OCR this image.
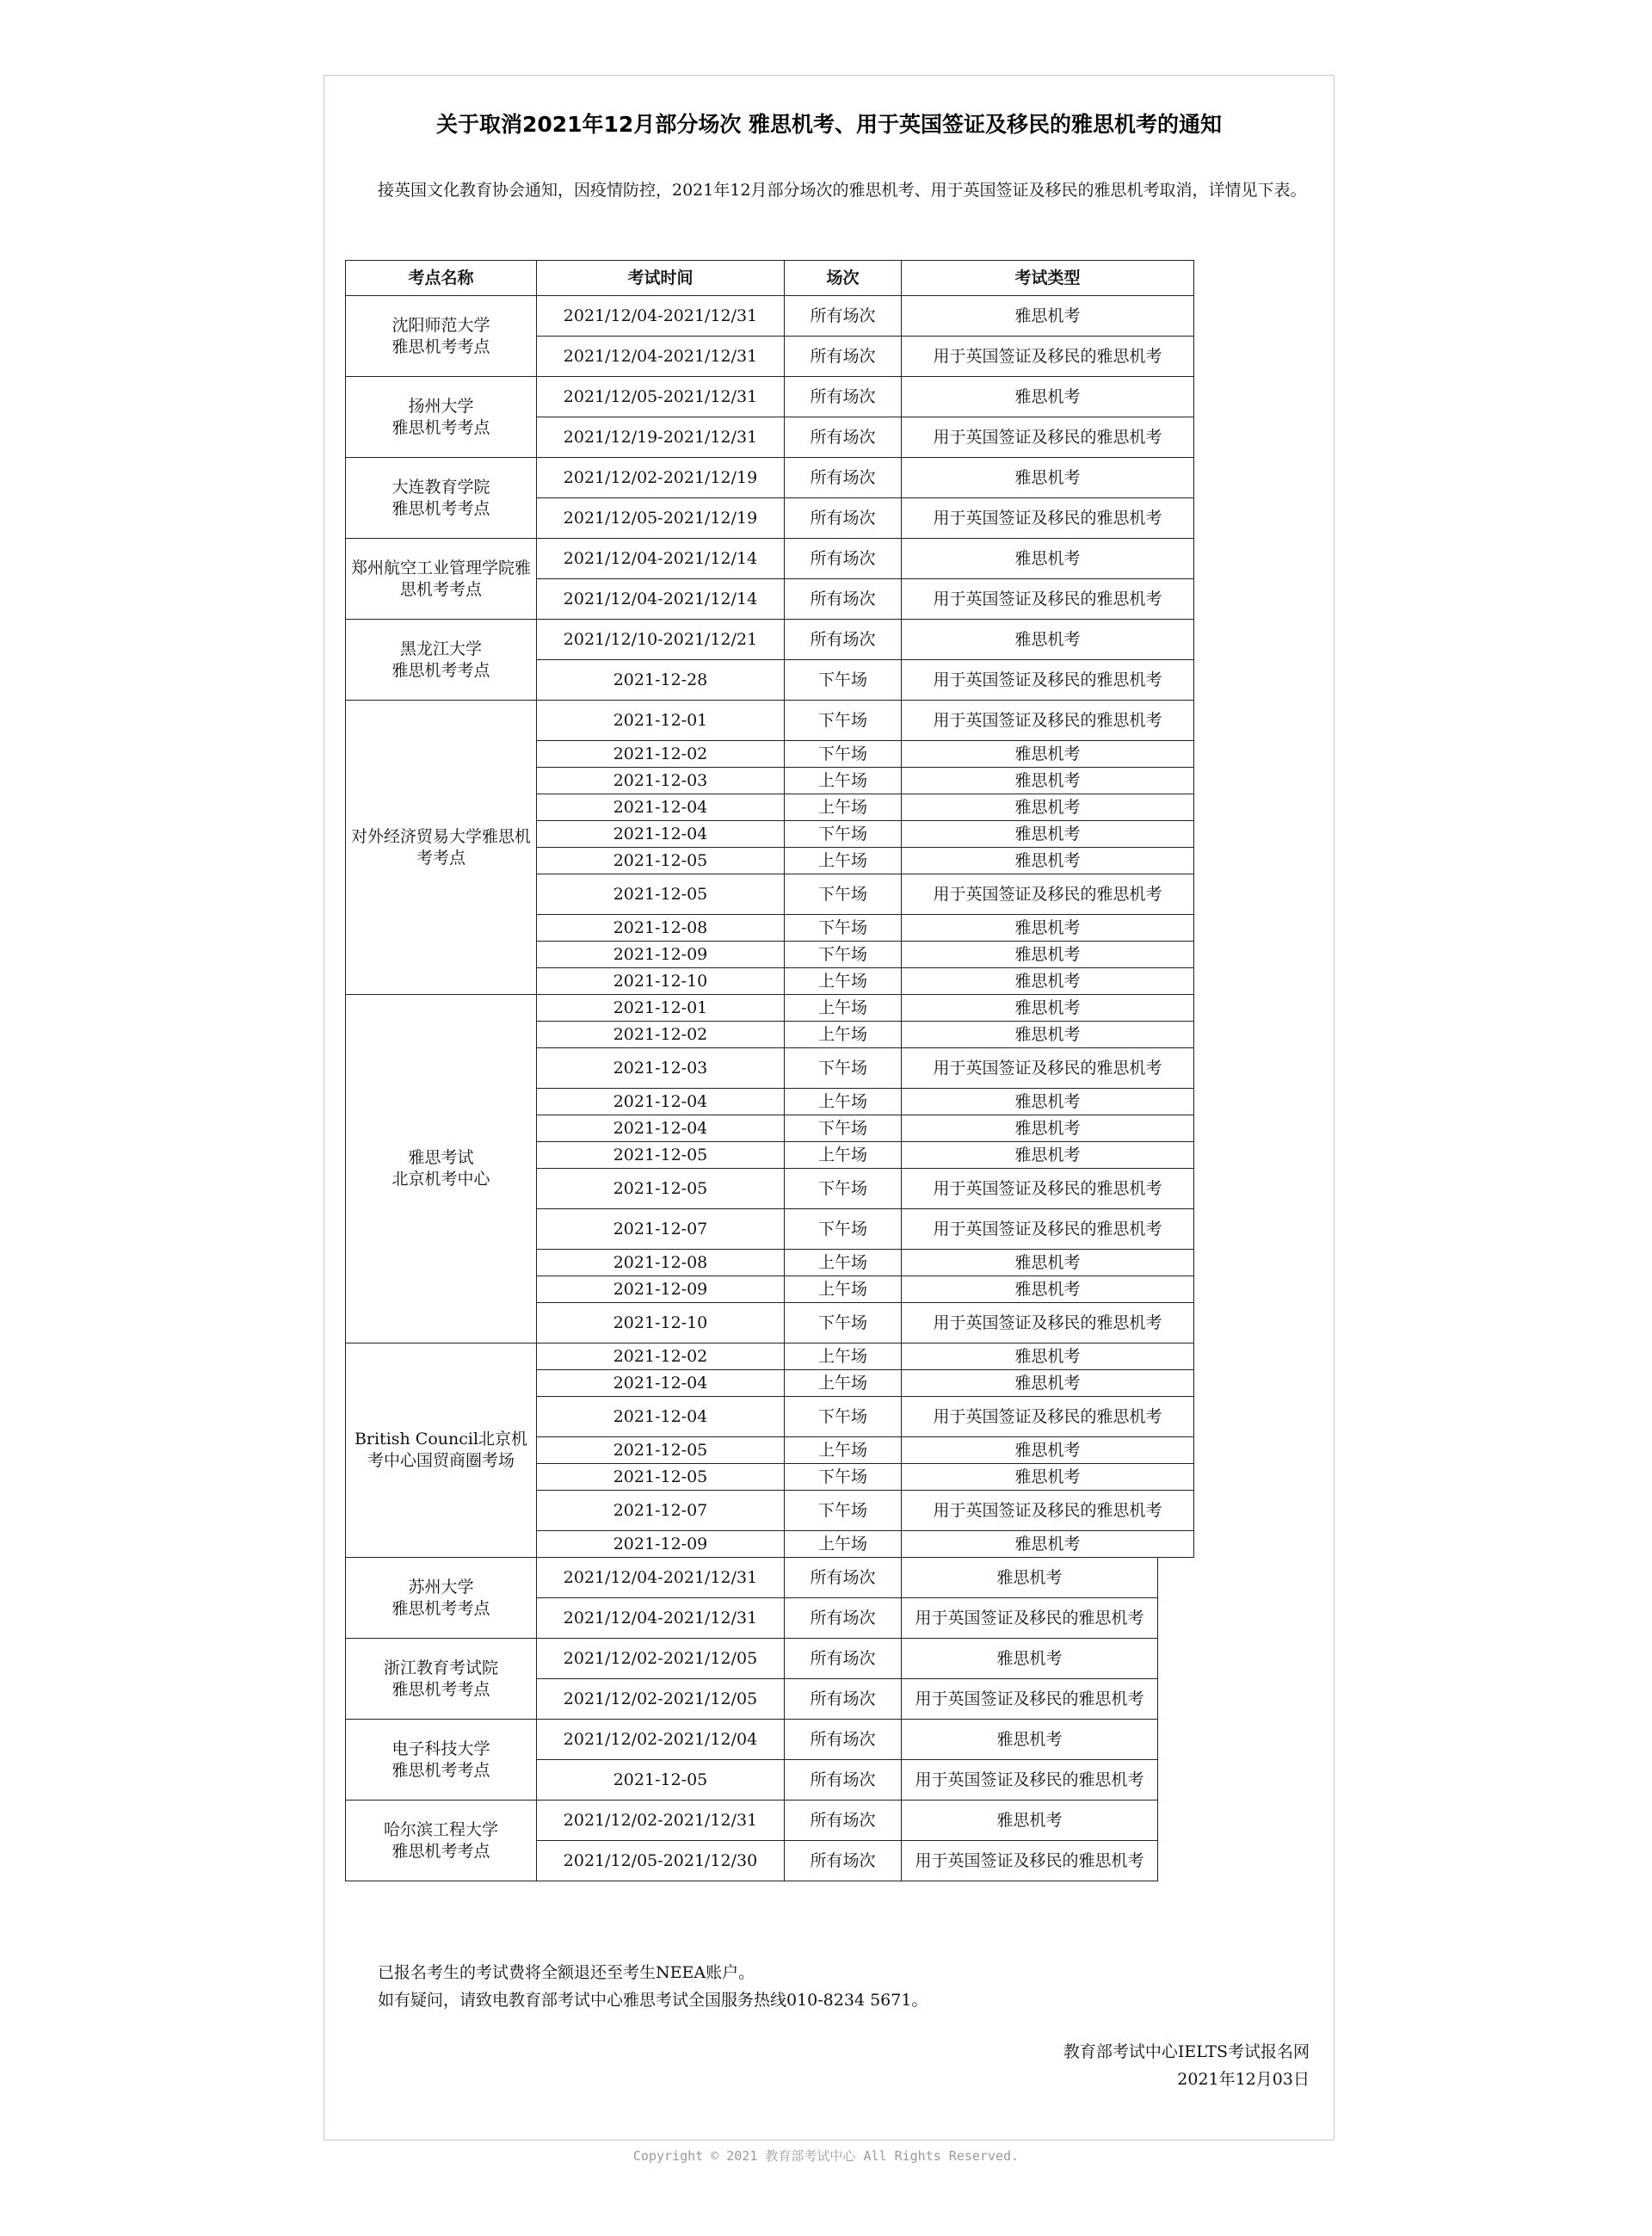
关于取消2021年12月部分场次 雅思机考、用于英国签证及移民的雅思机考的通知

接英国文化教育协会通知，因疫情防控，2021年12月部分场次的雅思机考、用于英国签证及移民的雅思机考取消，详情见下表。

考点名称	考试时间	场次	考试类型
沈阳师范大学
雅思机考考点	2021/12/04-2021/12/31	所有场次	雅思机考
	2021/12/04-2021/12/31	所有场次	用于英国签证及移民的雅思机考
扬州大学
雅思机考考点	2021/12/05-2021/12/31	所有场次	雅思机考
	2021/12/19-2021/12/31	所有场次	用于英国签证及移民的雅思机考
大连教育学院
雅思机考考点	2021/12/02-2021/12/19	所有场次	雅思机考
	2021/12/05-2021/12/19	所有场次	用于英国签证及移民的雅思机考
郑州航空工业管理学院雅思机考考点	2021/12/04-2021/12/14	所有场次	雅思机考
	2021/12/04-2021/12/14	所有场次	用于英国签证及移民的雅思机考
黑龙江大学
雅思机考考点	2021/12/10-2021/12/21	所有场次	雅思机考
	2021-12-28	下午场	用于英国签证及移民的雅思机考
对外经济贸易大学雅思机考考点	2021-12-01	下午场	用于英国签证及移民的雅思机考
	2021-12-02	下午场	雅思机考
	2021-12-03	上午场	雅思机考
	2021-12-04	上午场	雅思机考
	2021-12-04	下午场	雅思机考
	2021-12-05	上午场	雅思机考
	2021-12-05	下午场	用于英国签证及移民的雅思机考
	2021-12-08	下午场	雅思机考
	2021-12-09	下午场	雅思机考
	2021-12-10	上午场	雅思机考
雅思考试
北京机考中心	2021-12-01	上午场	雅思机考
	2021-12-02	上午场	雅思机考
	2021-12-03	下午场	用于英国签证及移民的雅思机考
	2021-12-04	上午场	雅思机考
	2021-12-04	下午场	雅思机考
	2021-12-05	上午场	雅思机考
	2021-12-05	下午场	用于英国签证及移民的雅思机考
	2021-12-07	下午场	用于英国签证及移民的雅思机考
	2021-12-08	上午场	雅思机考
	2021-12-09	上午场	雅思机考
	2021-12-10	下午场	用于英国签证及移民的雅思机考
British Council北京机考中心国贸商圈考场	2021-12-02	上午场	雅思机考
	2021-12-04	上午场	雅思机考
	2021-12-04	下午场	用于英国签证及移民的雅思机考
	2021-12-05	上午场	雅思机考
	2021-12-05	下午场	雅思机考
	2021-12-07	下午场	用于英国签证及移民的雅思机考
	2021-12-09	上午场	雅思机考
苏州大学
雅思机考考点	2021/12/04-2021/12/31	所有场次	雅思机考
	2021/12/04-2021/12/31	所有场次	用于英国签证及移民的雅思机考
浙江教育考试院
雅思机考考点	2021/12/02-2021/12/05	所有场次	雅思机考
	2021/12/02-2021/12/05	所有场次	用于英国签证及移民的雅思机考
电子科技大学
雅思机考考点	2021/12/02-2021/12/04	所有场次	雅思机考
	2021-12-05	所有场次	用于英国签证及移民的雅思机考
哈尔滨工程大学
雅思机考考点	2021/12/02-2021/12/31	所有场次	雅思机考
	2021/12/05-2021/12/30	所有场次	用于英国签证及移民的雅思机考

已报名考生的考试费将全额退还至考生NEEA账户。

如有疑问，请致电教育部考试中心雅思考试全国服务热线010-8234 5671。

教育部考试中心IELTS考试报名网

2021年12月03日

Copyright © 2021 教育部考试中心 All Rights Reserved.
